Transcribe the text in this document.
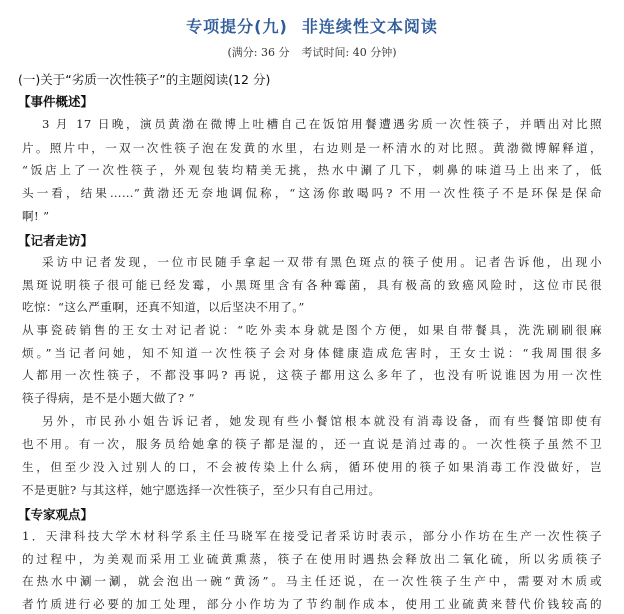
专项提分(九) 非连续性文本阅读
(满分: 36 分 考试时间: 40 分钟)
(一)关于“劣质一次性筷子”的主题阅读(12 分)
【事件概述】
3 月 17 日晚，演员黄渤在微博上吐槽自己在饭馆用餐遭遇劣质一次性筷子，并晒出对比照
片。照片中，一双一次性筷子泡在发黄的水里，右边则是一杯清水的对比照。黄渤微博解释道，
“饭店上了一次性筷子，外观包装均精美无挑，热水中涮了几下，刺鼻的味道马上出来了，低
头一看，结果……”黄渤还无奈地调侃称，“这汤你敢喝吗? 不用一次性筷子不是环保是保命
啊! ”
【记者走访】
采访中记者发现，一位市民随手拿起一双带有黑色斑点的筷子使用。记者告诉他，出现小
黑斑说明筷子很可能已经发霉，小黑斑里含有各种霉菌，具有极高的致癌风险时，这位市民很
吃惊：“这么严重啊，还真不知道，以后坚决不用了。”
从事瓷砖销售的王女士对记者说：“吃外卖本身就是图个方便，如果自带餐具，洗洗刷刷很麻
烦。”当记者问她，知不知道一次性筷子会对身体健康造成危害时，王女士说：“我周围很多
人都用一次性筷子，不都没事吗? 再说，这筷子都用这么多年了，也没有听说谁因为用一次性
筷子得病，是不是小题大做了? ”
另外，市民孙小姐告诉记者，她发现有些小餐馆根本就没有消毒设备，而有些餐馆即使有
也不用。有一次，服务员给她拿的筷子都是湿的，还一直说是消过毒的。一次性筷子虽然不卫
生，但至少没入过别人的口，不会被传染上什么病，循环使用的筷子如果消毒工作没做好，岂
不是更脏? 与其这样，她宁愿选择一次性筷子，至少只有自己用过。
【专家观点】
1．天津科技大学木材科学系主任马晓军在接受记者采访时表示，部分小作坊在生产一次性筷子
的过程中，为美观而采用工业硫黄熏蒸，筷子在使用时遇热会释放出二氧化硫，所以劣质筷子
在热水中涮一涮，就会泡出一碗“黄汤”。马主任还说，在一次性筷子生产中，需要对木质或
者竹质进行必要的加工处理，部分小作坊为了节约制作成本，使用工业硫黄来替代价钱较高的
